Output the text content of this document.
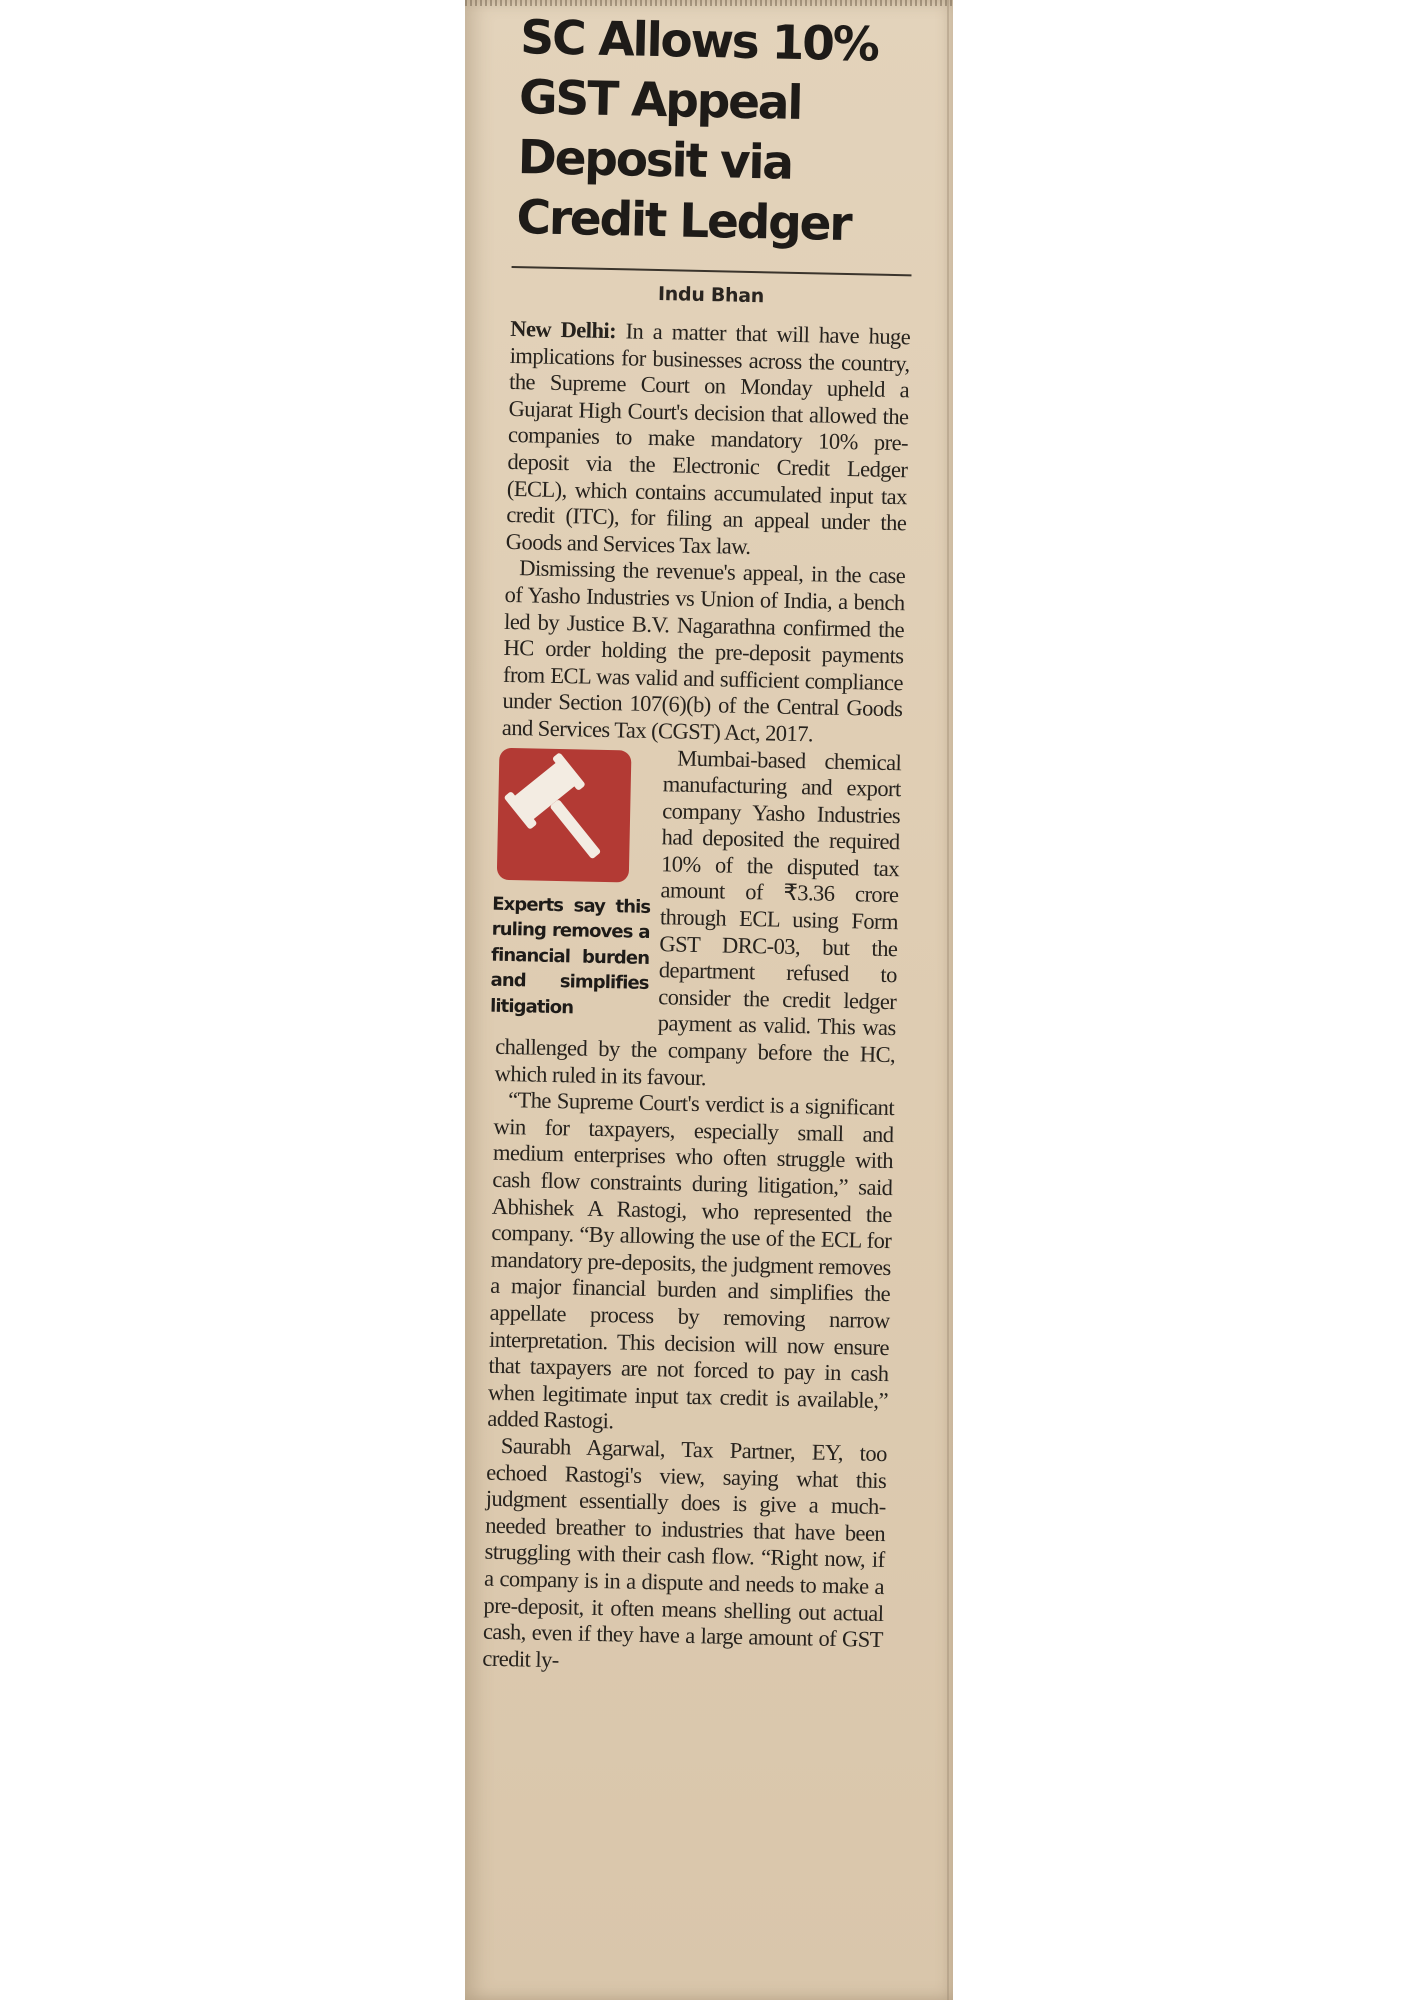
SC Allows 10%
GST Appeal
Deposit via
Credit Ledger
Indu Bhan

New Delhi: In a matter that will have huge implications for businesses across the country, the Supreme Court on Monday upheld a Gujarat High Court's decision that allowed the companies to make mandatory 10% pre-deposit via the Electronic Credit Ledger (ECL), which contains accumulated input tax credit (ITC), for filing an appeal under the Goods and Services Tax law.

Dismissing the revenue's appeal, in the case of Yasho Industries vs Union of India, a bench led by Justice B.V. Nagarathna confirmed the HC order holding the pre-deposit payments from ECL was valid and sufficient compliance under Section 107(6)(b) of the Central Goods and Services Tax (CGST) Act, 2017.

Experts say this ruling removes a financial burden and simplifies litigation

Mumbai-based chemical manufacturing and export company Yasho Industries had deposited the required 10% of the disputed tax amount of ₹3.36 crore through ECL using Form GST DRC-03, but the department refused to consider the credit ledger payment as valid. This was challenged by the company before the HC, which ruled in its favour.

“The Supreme Court's verdict is a significant win for taxpayers, especially small and medium enterprises who often struggle with cash flow constraints during litigation,” said Abhishek A Rastogi, who represented the company. “By allowing the use of the ECL for mandatory pre-deposits, the judgment removes a major financial burden and simplifies the appellate process by removing narrow interpretation. This decision will now ensure that taxpayers are not forced to pay in cash when legitimate input tax credit is available,” added Rastogi.

Saurabh Agarwal, Tax Partner, EY, too echoed Rastogi's view, saying what this judgment essentially does is give a much-needed breather to industries that have been struggling with their cash flow. “Right now, if a company is in a dispute and needs to make a pre-deposit, it often means shelling out actual cash, even if they have a large amount of GST credit ly-
